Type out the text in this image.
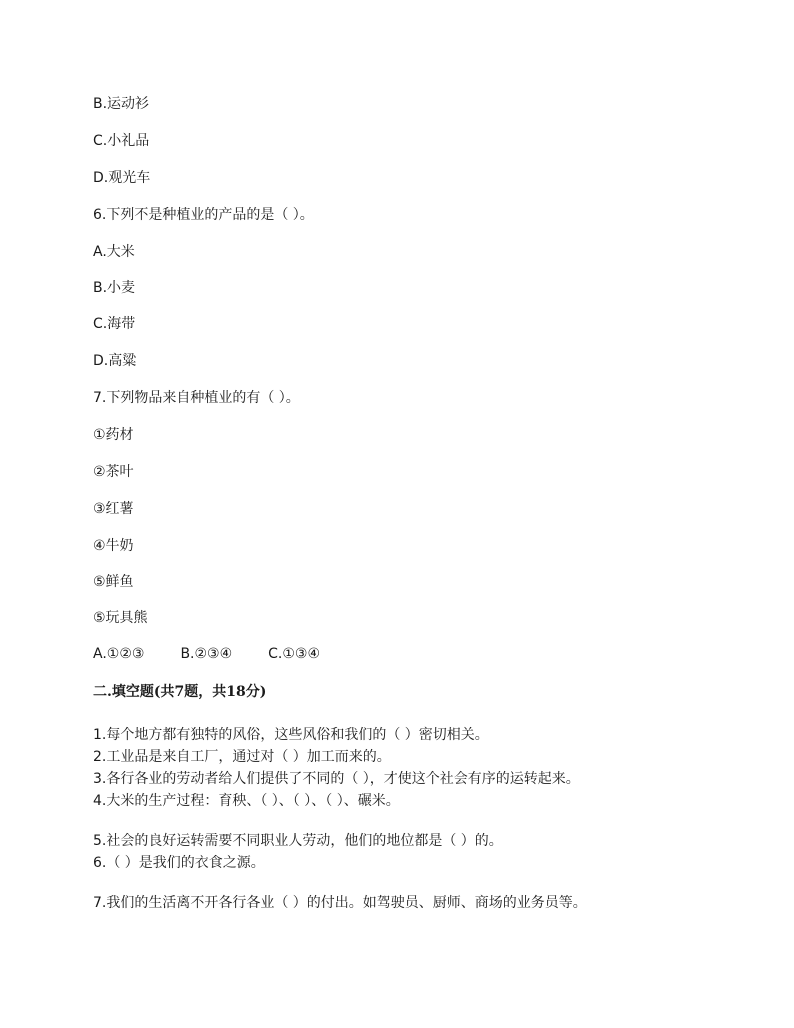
B.运动衫
C.小礼品
D.观光车
6.下列不是种植业的产品的是（ ）。
A.大米
B.小麦
C.海带
D.高粱
7.下列物品来自种植业的有（ ）。
①药材
②茶叶
③红薯
④牛奶
⑤鲜鱼
⑤玩具熊
A.①②③	B.②③④	C.①③④
二.填空题(共7题，共18分)
1.每个地方都有独特的风俗，这些风俗和我们的（ ）密切相关。
2.工业品是来自工厂，通过对（ ）加工而来的。
3.各行各业的劳动者给人们提供了不同的（ ），才使这个社会有序的运转起来。
4.大米的生产过程：育秧、（ ）、（ ）、（ ）、碾米。
5.社会的良好运转需要不同职业人劳动，他们的地位都是（ ）的。
6.（ ）是我们的衣食之源。
7.我们的生活离不开各行各业（ ）的付出。如驾驶员、厨师、商场的业务员等。
